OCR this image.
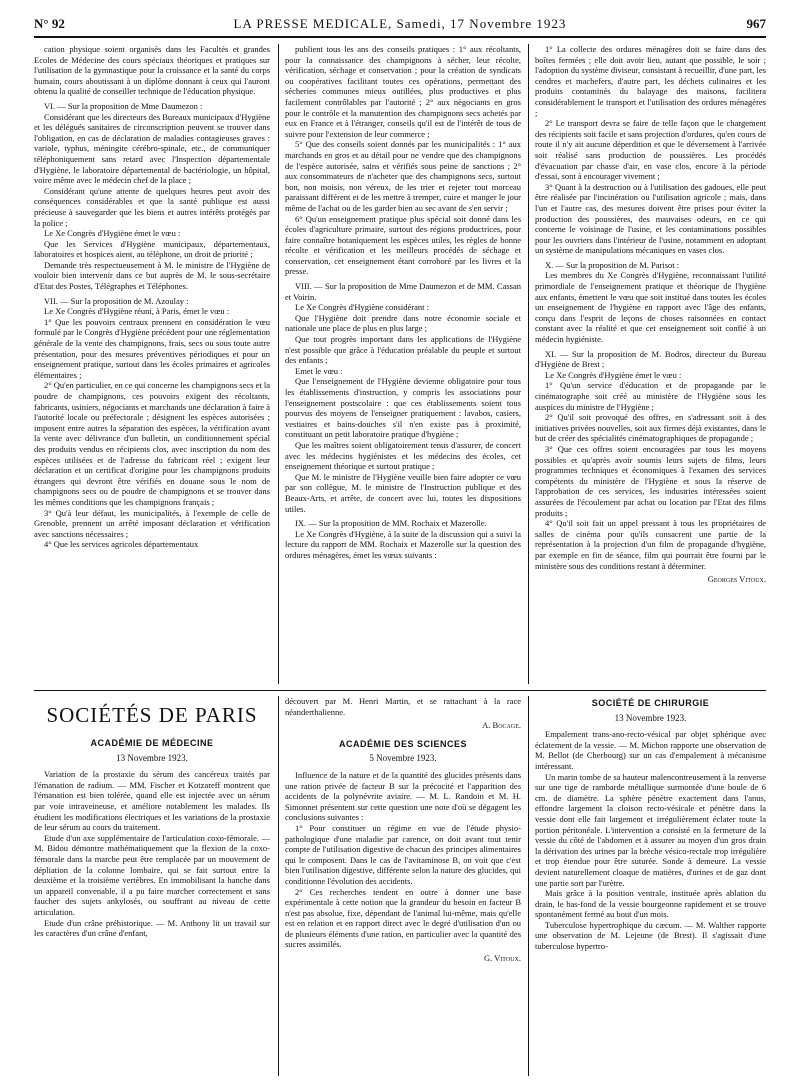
N° 92	LA PRESSE MEDICALE, Samedi, 17 Novembre 1923	967

cation physique soient organisés dans les Facultés et grandes Ecoles de Médecine des cours spéciaux théoriques et pratiques sur l'utilisation de la gymnastique pour la croissance et la santé du corps humain, cours aboutissant à un diplôme donnant à ceux qui l'auront obtenu la qualité de conseiller technique de l'éducation physique.

VI. — Sur la proposition de Mme Daumezon :

Considérant que les directeurs des Bureaux municipaux d'Hygiène et les délégués sanitaires de circonscription peuvent se trouver dans l'obligation, en cas de déclaration de maladies contagieuses graves : variole, typhus, méningite cérébro-spinale, etc., de communiquer téléphoniquement sans retard avec l'Inspection départementale d'Hygiène, le laboratoire départemental de bactériologie, un hôpital, voire même avec le médecin chef de la place ;

Considérant qu'une attente de quelques heures peut avoir des conséquences considérables et que la santé publique est aussi précieuse à sauvegarder que les biens et autres intérêts protégés par la police ;

Le Xe Congrès d'Hygiène émet le vœu :

Que les Services d'Hygiène municipaux, départementaux, laboratoires et hospices aient, au téléphone, un droit de priorité ;

Demande très respectueusement à M. le ministre de l'Hygiène de vouloir bien intervenir dans ce but auprès de M. le sous-secrétaire d'Etat des Postes, Télégraphes et Téléphones.

VII. — Sur la proposition de M. Azoulay :

Le Xe Congrès d'Hygiène réuni, à Paris, émet le vœu :

1° Que les pouvoirs centraux prennent en considération le vœu formulé par le Congrès d'Hygiène précédent pour une réglementation générale de la vente des champignons, frais, secs ou sous toute autre présentation, pour des mesures préventives périodiques et pour un enseignement pratique, surtout dans les écoles primaires et agricoles élémentaires ;

2° Qu'en particulier, en ce qui concerne les champignons secs et la poudre de champignons, ces pouvoirs exigent des récoltants, fabricants, usiniers, négociants et marchands une déclaration à faire à l'autorité locale ou préfectorale ; désignent les espèces autorisées ; imposent entre autres la séparation des espèces, la vérification avant la vente avec délivrance d'un bulletin, un conditionnement spécial des produits vendus en récipients clos, avec inscription du nom des espèces utilisées et de l'adresse du fabricant réel ; exigent leur déclaration et un certificat d'origine pour les champignons produits étrangers qui devront être vérifiés en douane sous le nom de champignons secs ou de poudre de champignons et se trouver dans les mêmes conditions que les champignons français ;

3° Qu'à leur défaut, les municipalités, à l'exemple de celle de Grenoble, prennent un arrêté imposant déclaration et vérification avec sanctions nécessaires ;

4° Que les services agricoles départementaux

publient tous les ans des conseils pratiques : 1° aux récoltants, pour la connaissance des champignons à sécher, leur récolte, vérification, séchage et conservation ; pour la création de syndicats ou coopératives facilitant toutes ces opérations, permettant des sécheries communes mieux outillées, plus productives et plus facilement contrôlables par l'autorité ; 2° aux négociants en gros pour le contrôle et la manutention des champignons secs achetés par eux en France et à l'étranger, conseils qu'il est de l'intérêt de tous de suivre pour l'extension de leur commerce ;

5° Que des conseils soient donnés par les municipalités : 1° aux marchands en gros et au détail pour ne vendre que des champignons de l'espèce autorisée, sains et vérifiés sous peine de sanctions ; 2° aux consommateurs de n'acheter que des champignons secs, surtout bon, non moisis, non véreux, de les trier et rejeter tout morceau paraissant différent et de les mettre à tremper, cuire et manger le jour même de l'achat ou de les garder bien au sec avant de s'en servir ;

6° Qu'un enseignement pratique plus spécial soit donné dans les écoles d'agriculture primaire, surtout des régions productrices, pour faire connaître botaniquement les espèces utiles, les règles de bonne récolte et vérification et les meilleurs procédés de séchage et conservation, cet enseignement étant corroboré par les livres et la presse.

VIII. — Sur la proposition de Mme Daumezon et de MM. Cassan et Voirin.

Le Xe Congrès d'Hygiène considérant :

Que l'Hygiène doit prendre dans notre économie sociale et nationale une place de plus en plus large ;

Que tout progrès important dans les applications de l'Hygiène n'est possible que grâce à l'éducation préalable du peuple et surtout des enfants ;

Emet le vœu :

Que l'enseignement de l'Hygiène devienne obligatoire pour tous les établissements d'instruction, y compris les associations pour l'enseignement postscolaire : que ces établissements soient tous pourvus des moyens de l'enseigner pratiquement : lavabos, casiers, vestiaires et bains-douches s'il n'en existe pas à proximité, constituant un petit laboratoire pratique d'hygiène ;

Que les maîtres soient obligatoirement tenus d'assurer, de concert avec les médecins hygiénistes et les médecins des écoles, cet enseignement théorique et surtout pratique ;

Que M. le ministre de l'Hygiène veuille bien faire adopter ce vœu par son collègue, M. le ministre de l'Instruction publique et des Beaux-Arts, et arrête, de concert avec lui, toutes les dispositions utiles.

IX. — Sur la proposition de MM. Rochaix et Mazerolle.

Le Xe Congrès d'Hygiène, à la suite de la discussion qui a suivi la lecture du rapport de MM. Rochaix et Mazerolle sur la question des ordures ménagères, émet les vœux suivants :

1° La collecte des ordures ménagères doit se faire dans des boîtes fermées ; elle doit avoir lieu, autant que possible, le soir ; l'adoption du système diviseur, consistant à recueillir, d'une part, les cendres et machefers, d'autre part, les déchets culinaires et les produits contaminés du balayage des maisons, facilitera considérablement le transport et l'utilisation des ordures ménagères ;

2° Le transport devra se faire de telle façon que le chargement des récipients soit facile et sans projection d'ordures, qu'en cours de route il n'y ait aucune déperdition et que le déversement à l'arrivée soit réalisé sans production de poussières. Les procédés d'évacuation par chasse d'air, en vase clos, encore à la période d'essai, sont à encourager vivement ;

3° Quant à la destruction ou à l'utilisation des gadoues, elle peut être réalisée par l'incinération ou l'utilisation agricole ; mais, dans l'un et l'autre cas, des mesures doivent être prises pour éviter la production des poussières, des mauvaises odeurs, en ce qui concerne le voisinage de l'usine, et les contaminations possibles pour les ouvriers dans l'intérieur de l'usine, notamment en adoptant un système de manipulations mécaniques en vases clos.

X. — Sur la proposition de M. Parisot :

Les membres du Xe Congrès d'Hygiène, reconnaissant l'utilité primordiale de l'enseignement pratique et théorique de l'hygiène aux enfants, émettent le vœu que soit institué dans toutes les écoles un enseignement de l'hygiène en rapport avec l'âge des enfants, conçu dans l'esprit de leçons de choses raisonnées en contact constant avec la réalité et que cet enseignement soit confié à un médecin hygiéniste.

XI. — Sur la proposition de M. Bodros, directeur du Bureau d'Hygiène de Brest ;

Le Xe Congrès d'Hygiène émet le vœu :

1° Qu'un service d'éducation et de propagande par le cinématographe soit créé au ministère de l'Hygiène sous les auspices du ministre de l'Hygiène ;

2° Qu'il soit provoqué des offres, en s'adressant soit à des initiatives privées nouvelles, soit aux firmes déjà existantes, dans le but de créer des spécialités cinématographiques de propagande ;

3° Que ces offres soient encouragées par tous les moyens possibles et qu'après avoir soumis leurs sujets de films, leurs programmes techniques et économiques à l'examen des services compétents du ministère de l'Hygiène et sous la réserve de l'approbation de ces services, les industries intéressées soient assurées de l'écoulement par achat ou location par l'Etat des films produits ;

4° Qu'il soit fait un appel pressant à tous les propriétaires de salles de cinéma pour qu'ils consacrent une partie de la représentation à la projection d'un film de propagande d'hygiène, par exemple en fin de séance, film qui pourrait être fourni par le ministère sous des conditions restant à déterminer.

Georges Vitoux.
SOCIÉTÉS DE PARIS
ACADÉMIE DE MÉDECINE
13 Novembre 1923.

Variation de la prostaxie du sérum des cancéreux traités par l'émanation de radium. — MM. Fischer et Kotzareff montrent que l'émanation est bien tolérée, quand elle est injectée avec un sérum par voie intraveineuse, et améliore notablement les malades. Ils étudient les modifications électriques et les variations de la prostaxie de leur sérum au cours du traitement.

Etude d'un axe supplémentaire de l'articulation coxo-fémorale. — M. Bidou démontre mathématiquement que la flexion de la coxo-fémorale dans la marche peut être remplacée par un mouvement de dépliation de la colonne lombaire, qui se fait surtout entre la deuxième et la troisième vertèbres. En immobilisant la hanche dans un appareil convenable, il a pu faire marcher correctement et sans faucher des sujets ankylosés, ou souffrant au niveau de cette articulation.

Etude d'un crâne préhistorique. — M. Anthony lit un travail sur les caractères d'un crâne d'enfant,

découvert par M. Henri Martin, et se rattachant à la race néanderthalienne.

A. Bocage.
ACADÉMIE DES SCIENCES
5 Novembre 1923.

Influence de la nature et de la quantité des glucides présents dans une ration privée de facteur B sur la précocité et l'apparition des accidents de la polynévrite aviaire. — M. L. Randoin et M. H. Simonnet présentent sur cette question une note d'où se dégagent les conclusions suivantes :

1° Pour constituer un régime en vue de l'étude physio-pathologique d'une maladie par carence, on doit avant tout tenir compte de l'utilisation digestive de chacun des principes alimentaires qui le composent. Dans le cas de l'avitaminose B, on voit que c'est bien l'utilisation digestive, différente selon la nature des glucides, qui conditionne l'évolution des accidents.

2° Ces recherches tendent en outre à donner une base expérimentale à cette notion que la grandeur du besoin en facteur B n'est pas absolue, fixe, dépendant de l'animal lui-même, mais qu'elle est en relation et en rapport direct avec le degré d'utilisation d'un ou de plusieurs éléments d'une ration, en particulier avec la quantité des sucres assimilés.

G. Vitoux.
SOCIÉTÉ DE CHIRURGIE
13 Novembre 1923.

Empalement trans-ano-recto-vésical par objet sphérique avec éclatement de la vessie. — M. Michon rapporte une observation de M. Bellot (de Cherbourg) sur un cas d'empalement à mécanisme intéressant.

Un marin tombe de sa hauteur malencontreusement à la renverse sur une tige de rambarde métallique surmontée d'une boule de 6 cm. de diamètre. La sphère pénètre exactement dans l'anus, effondre largement la cloison recto-vésicale et pénètre dans la vessie dont elle fait largement et irrégulièrement éclater toute la portion péritonéale. L'intervention a consisté en la fermeture de la vessie du côté de l'abdomen et à assurer au moyen d'un gros drain la dérivation des urines par la brèche vésico-rectale trop irrégulière et trop étendue pour être suturée. Sonde à demeure. La vessie devient naturellement cloaque de matières, d'urines et de gaz dont une partie sort par l'urètre.

Mais grâce à la position ventrale, instituée après ablation du drain, le bas-fond de la vessie bourgeonne rapidement et se trouve spontanément fermé au bout d'un mois.

Tuberculose hypertrophique du cæcum. — M. Walther rapporte une observation de M. Lejeune (de Brest). Il s'agissait d'une tuberculose hypertro-
